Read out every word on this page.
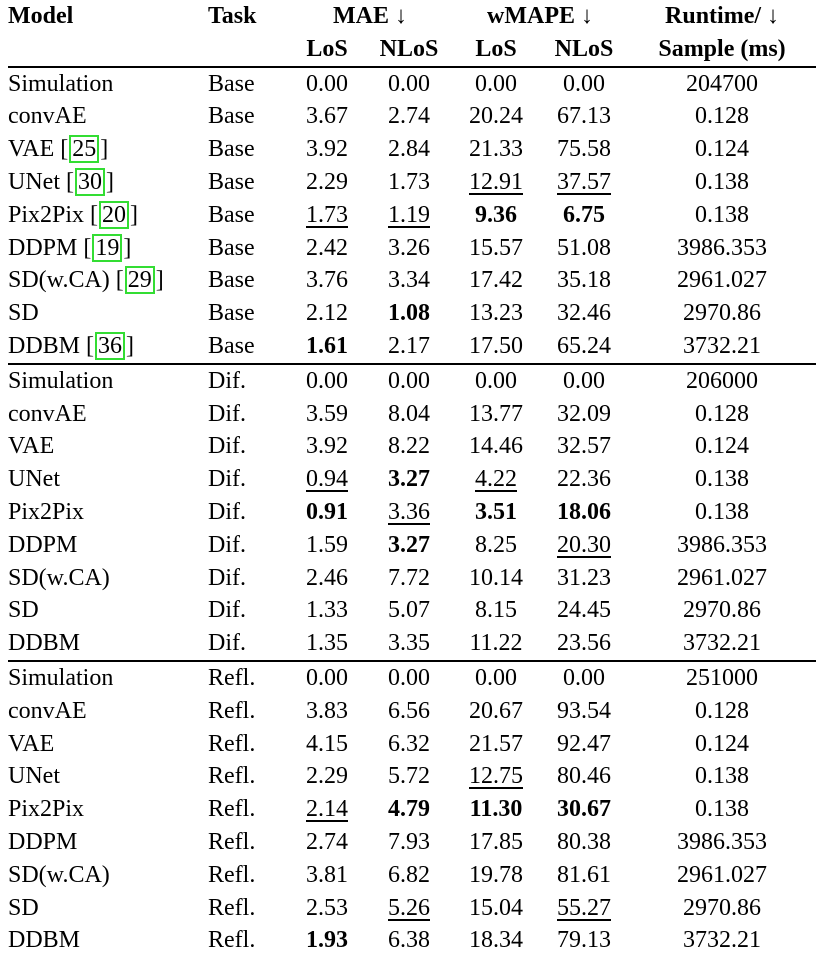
Model	Task	MAE ↓		wMAPE ↓		Runtime/ ↓
		LoS	NLoS	LoS	NLoS	Sample (ms)
Simulation	Base	0.00	0.00	0.00	0.00	204700
convAE	Base	3.67	2.74	20.24	67.13	0.128
VAE [ 25 ]	Base	3.92	2.84	21.33	75.58	0.124
UNet [ 30 ]	Base	2.29	1.73	12.91	37.57	0.138
Pix2Pix [ 20 ]	Base	1.73	1.19	9.36	6.75	0.138
DDPM [ 19 ]	Base	2.42	3.26	15.57	51.08	3986.353
SD(w.CA) [ 29 ]	Base	3.76	3.34	17.42	35.18	2961.027
SD	Base	2.12	1.08	13.23	32.46	2970.86
DDBM [ 36 ]	Base	1.61	2.17	17.50	65.24	3732.21
Simulation	Dif.	0.00	0.00	0.00	0.00	206000
convAE	Dif.	3.59	8.04	13.77	32.09	0.128
VAE	Dif.	3.92	8.22	14.46	32.57	0.124
UNet	Dif.	0.94	3.27	4.22	22.36	0.138
Pix2Pix	Dif.	0.91	3.36	3.51	18.06	0.138
DDPM	Dif.	1.59	3.27	8.25	20.30	3986.353
SD(w.CA)	Dif.	2.46	7.72	10.14	31.23	2961.027
SD	Dif.	1.33	5.07	8.15	24.45	2970.86
DDBM	Dif.	1.35	3.35	11.22	23.56	3732.21
Simulation	Refl.	0.00	0.00	0.00	0.00	251000
convAE	Refl.	3.83	6.56	20.67	93.54	0.128
VAE	Refl.	4.15	6.32	21.57	92.47	0.124
UNet	Refl.	2.29	5.72	12.75	80.46	0.138
Pix2Pix	Refl.	2.14	4.79	11.30	30.67	0.138
DDPM	Refl.	2.74	7.93	17.85	80.38	3986.353
SD(w.CA)	Refl.	3.81	6.82	19.78	81.61	2961.027
SD	Refl.	2.53	5.26	15.04	55.27	2970.86
DDBM	Refl.	1.93	6.38	18.34	79.13	3732.21
